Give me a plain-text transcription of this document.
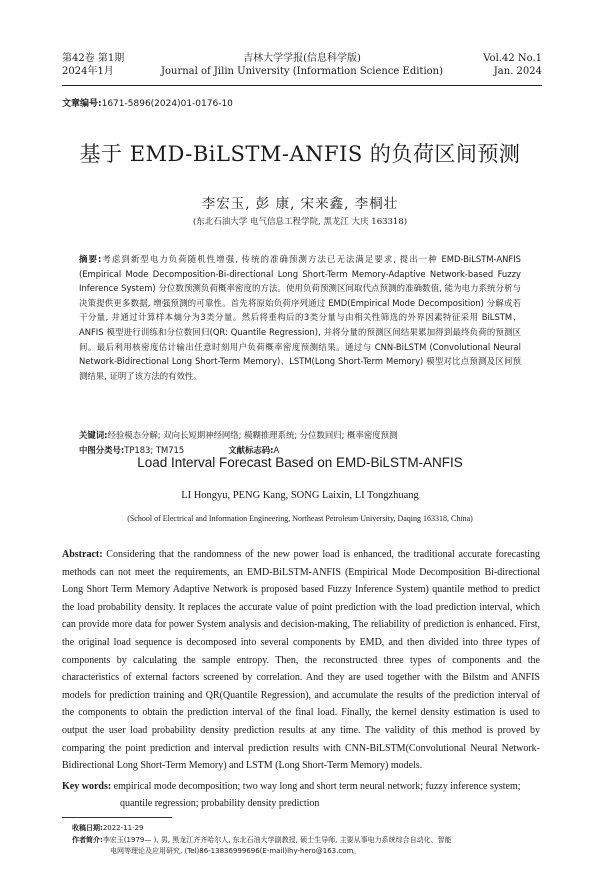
第42卷 第1期
2024年1月
吉林大学学报(信息科学版)
Journal of Jilin University (Information Science Edition)
Vol.42 No.1
Jan. 2024
文章编号:1671-5896(2024)01-0176-10
基于 EMD-BiLSTM-ANFIS 的负荷区间预测
李宏玉, 彭 康, 宋来鑫, 李桐壮
(东北石油大学 电气信息工程学院, 黑龙江 大庆 163318)
摘要:考虑到新型电力负荷随机性增强, 传统的准确预测方法已无法满足要求, 提出一种 EMD-BiLSTM-ANFIS (Empirical Mode Decomposition-Bi-directional Long Short-Term Memory-Adaptive Network-based Fuzzy Inference System) 分位数预测负荷概率密度的方法。使用负荷预测区间取代点预测的准确数值, 能为电力系统分析与决策提供更多数据, 增强预测的可靠性。首先将原始负荷序列通过 EMD(Empirical Mode Decomposition) 分解成若干分量, 并通过计算样本熵分为3类分量。然后将重构后的3类分量与由相关性筛选的外界因素特征采用 BiLSTM、ANFIS 模型进行训练和分位数回归(QR: Quantile Regression), 并将分量的预测区间结果累加得到最终负荷的预测区间。最后利用核密度估计输出任意时刻用户负荷概率密度预测结果。通过与 CNN-BiLSTM (Convolutional Neural Network-Bidirectional Long Short-Term Memory)、LSTM(Long Short-Term Memory) 模型对比点预测及区间预测结果, 证明了该方法的有效性。
关键词:经验模态分解; 双向长短期神经网络; 模糊推理系统; 分位数回归; 概率密度预测
中图分类号:TP183; TM715	文献标志码:A
Load Interval Forecast Based on EMD-BiLSTM-ANFIS
LI Hongyu, PENG Kang, SONG Laixin, LI Tongzhuang
(School of Electrical and Information Engineering, Northeast Petroleum University, Daqing 163318, China)
Abstract: Considering that the randomness of the new power load is enhanced, the traditional accurate forecasting methods can not meet the requirements, an EMD-BiLSTM-ANFIS (Empirical Mode Decomposition Bi-directional Long Short Term Memory Adaptive Network is proposed based Fuzzy Inference System) quantile method to predict the load probability density. It replaces the accurate value of point prediction with the load prediction interval, which can provide more data for power System analysis and decision-making, The reliability of prediction is enhanced. First, the original load sequence is decomposed into several components by EMD, and then divided into three types of components by calculating the sample entropy. Then, the reconstructed three types of components and the characteristics of external factors screened by correlation. And they are used together with the Bilstm and ANFIS models for prediction training and QR(Quantile Regression), and accumulate the results of the prediction interval of the components to obtain the prediction interval of the final load. Finally, the kernel density estimation is used to output the user load probability density prediction results at any time. The validity of this method is proved by comparing the point prediction and interval prediction results with CNN-BiLSTM(Convolutional Neural Network-Bidirectional Long Short-Term Memory) and LSTM (Long Short-Term Memory) models.
Key words: empirical mode decomposition; two way long and short term neural network; fuzzy inference system; quantile regression; probability density prediction
收稿日期:2022-11-29
作者简介:李宏玉(1979— ), 男, 黑龙江齐齐哈尔人, 东北石油大学副教授, 硕士生导师, 主要从事电力系统综合自动化、智能
电网等理论及应用研究, (Tel)86-13836999696(E-mail)lhy-hero@163.com。
